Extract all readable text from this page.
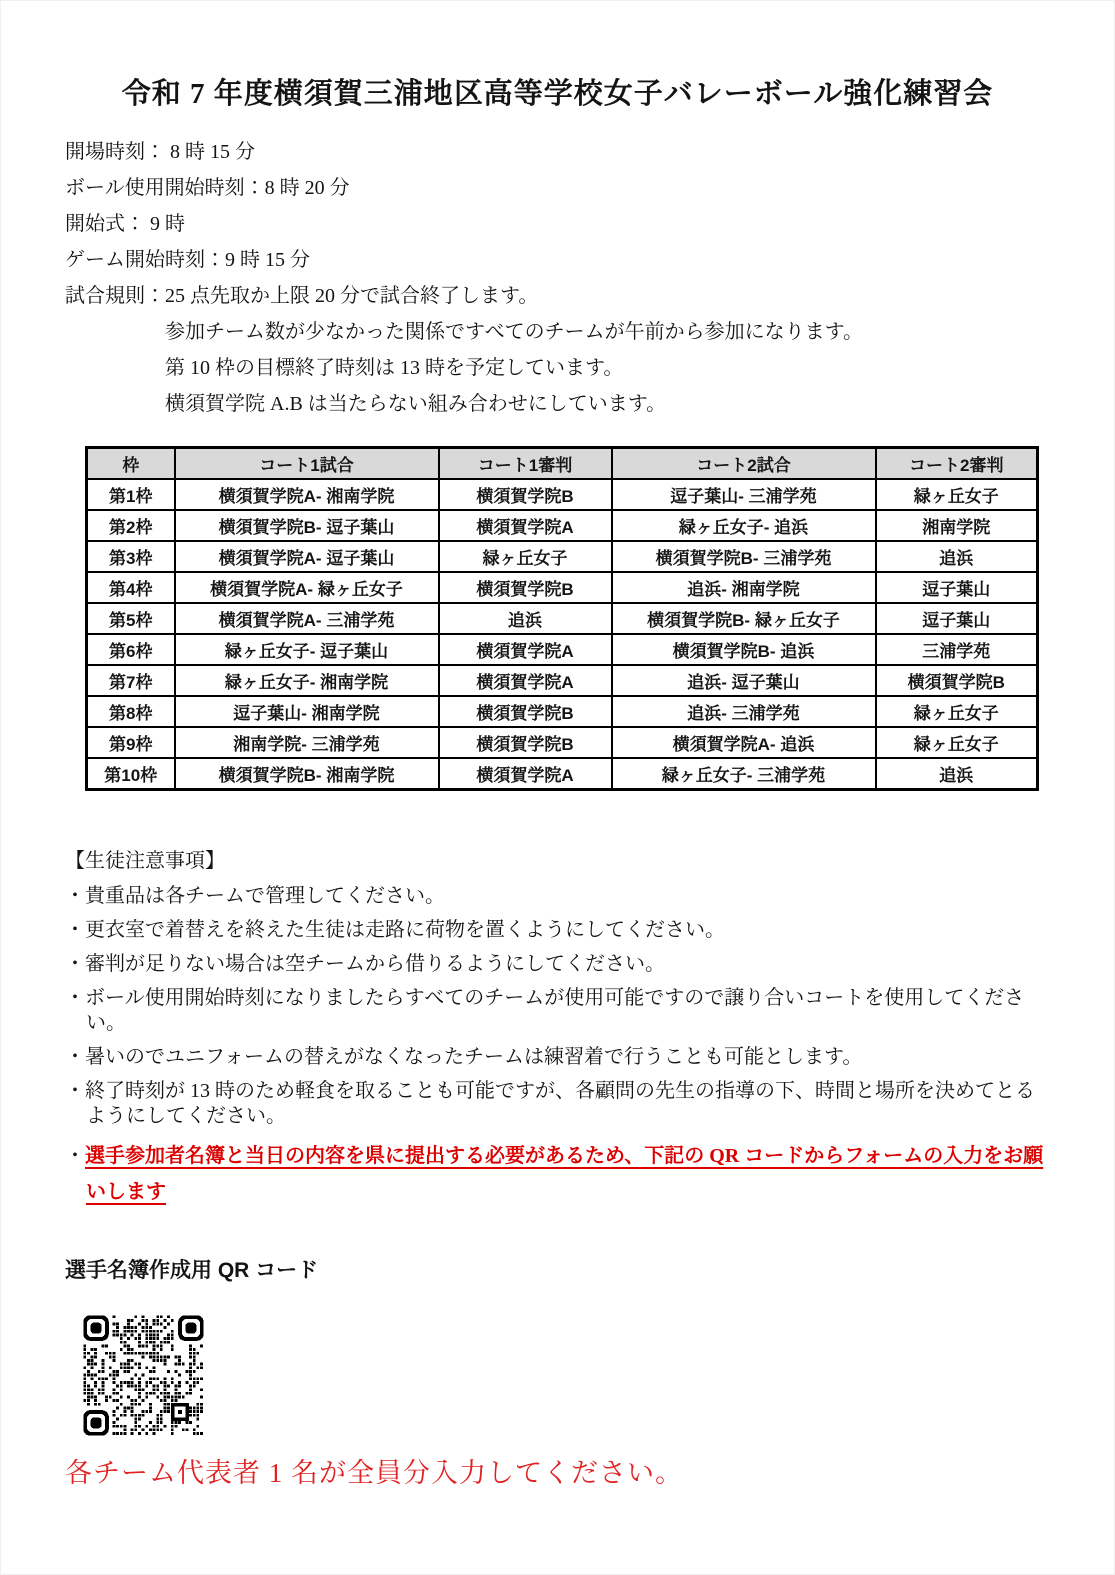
令和 7 年度横須賀三浦地区高等学校女子バレーボール強化練習会

開場時刻： 8 時 15 分

ボール使用開始時刻：8 時 20 分

開始式： 9 時

ゲーム開始時刻：9 時 15 分

試合規則：25 点先取か上限 20 分で試合終了します。

参加チーム数が少なかった関係ですべてのチームが午前から参加になります。

第 10 枠の目標終了時刻は 13 時を予定しています。

横須賀学院 A.B は当たらない組み合わせにしています。

枠	コート1試合	コート1審判	コート2試合	コート2審判
第1枠	横須賀学院A- 湘南学院	横須賀学院B	逗子葉山- 三浦学苑	緑ヶ丘女子
第2枠	横須賀学院B- 逗子葉山	横須賀学院A	緑ヶ丘女子- 追浜	湘南学院
第3枠	横須賀学院A- 逗子葉山	緑ヶ丘女子	横須賀学院B- 三浦学苑	追浜
第4枠	横須賀学院A- 緑ヶ丘女子	横須賀学院B	追浜- 湘南学院	逗子葉山
第5枠	横須賀学院A- 三浦学苑	追浜	横須賀学院B- 緑ヶ丘女子	逗子葉山
第6枠	緑ヶ丘女子- 逗子葉山	横須賀学院A	横須賀学院B- 追浜	三浦学苑
第7枠	緑ヶ丘女子- 湘南学院	横須賀学院A	追浜- 逗子葉山	横須賀学院B
第8枠	逗子葉山- 湘南学院	横須賀学院B	追浜- 三浦学苑	緑ヶ丘女子
第9枠	湘南学院- 三浦学苑	横須賀学院B	横須賀学院A- 追浜	緑ヶ丘女子
第10枠	横須賀学院B- 湘南学院	横須賀学院A	緑ヶ丘女子- 三浦学苑	追浜

【生徒注意事項】

・貴重品は各チームで管理してください。

・更衣室で着替えを終えた生徒は走路に荷物を置くようにしてください。

・審判が足りない場合は空チームから借りるようにしてください。

・ボール使用開始時刻になりましたらすべてのチームが使用可能ですので譲り合いコートを使用してください。

・暑いのでユニフォームの替えがなくなったチームは練習着で行うことも可能とします。

・終了時刻が 13 時のため軽食を取ることも可能ですが、各顧問の先生の指導の下、時間と場所を決めてとるようにしてください。

・選手参加者名簿と当日の内容を県に提出する必要があるため、下記の QR コードからフォームの入力をお願いします

選手名簿作成用 QR コード

各チーム代表者 1 名が全員分入力してください。
